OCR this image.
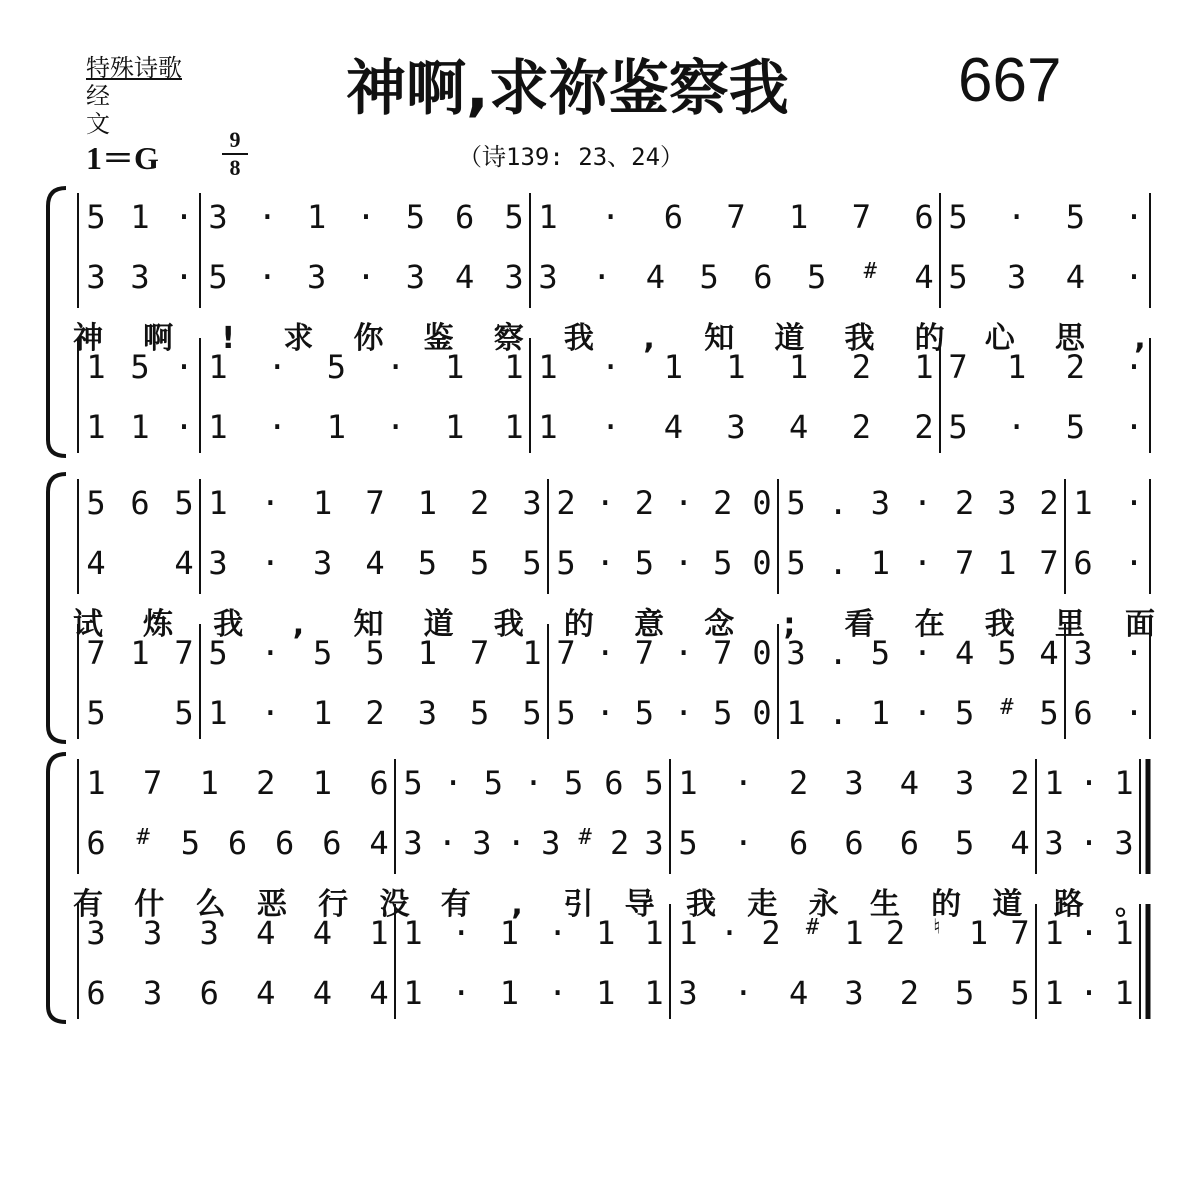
特殊诗歌
经文	神啊,求祢鉴察我	667
1＝G
9
8	（诗139: 23、24）
5 1 · 3 · 1 · 5 6 5 1 · 6 7 1 7 6 5 · 5 ·
3 3 · 5 · 3 · 3 4 3 3 · 4 5 6 5 # 4 5 3 4 ·
1 5 · 1 · 5 · 1 1 1 · 1 1 1 2 1 7 1 2 ·
1 1 · 1 · 1 · 1 1 1 · 4 3 4 2 2 5 · 5 ·
神 啊 ! 求 你 鉴 察 我 , 知 道 我 的 心 思 ,
5 6 5 1 · 1 7 1 2 3 2 · 2 · 2 0 5 . 3 · 2 3 2 1 ·
4 4 3 · 3 4 5 5 5 5 · 5 · 5 0 5 . 1 · 7 1 7 6 ·
7 1 7 5 · 5 5 1 7 1 7 · 7 · 7 0 3 . 5 · 4 5 4 3 ·
5 5 1 · 1 2 3 5 5 5 · 5 · 5 0 1 . 1 · 5 # 5 6 ·
试 炼 我 , 知 道 我 的 意 念 ; 看 在 我 里 面
1 7 1 2 1 6 5 · 5 · 5 6 5 1 · 2 3 4 3 2 1 · 1
6 # 5 6 6 6 4 3 · 3 · 3 # 2 3 5 · 6 6 6 5 4 3 · 3
3 3 3 4 4 1 1 · 1 · 1 1 1 · 2 # 1 2 ♮ 1 7 1 · 1
6 3 6 4 4 4 1 · 1 · 1 1 3 · 4 3 2 5 5 1 · 1
有 什 么 恶 行 没 有 , 引 导 我 走 永 生 的 道 路 。
